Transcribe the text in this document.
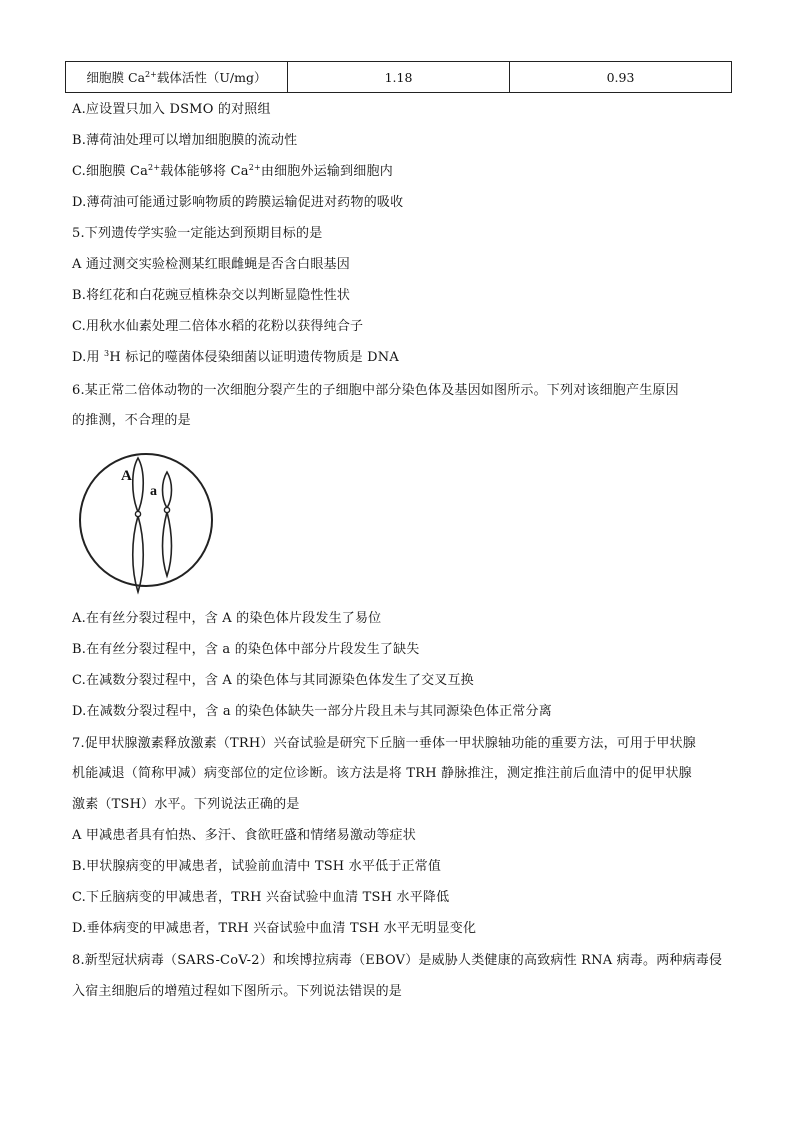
细胞膜 $Ca^{2+}$载体活性（U/mg）	1.18	0.93
A.应设置只加入 DSMO 的对照组
B.薄荷油处理可以增加细胞膜的流动性
C.细胞膜 $Ca^{2+}$载体能够将 $Ca^{2+}$由细胞外运输到细胞内
D.薄荷油可能通过影响物质的跨膜运输促进对药物的吸收
5.下列遗传学实验一定能达到预期目标的是
A 通过测交实验检测某红眼雌蝇是否含白眼基因
B.将红花和白花豌豆植株杂交以判断显隐性性状
C.用秋水仙素处理二倍体水稻的花粉以获得纯合子
D.用 $^3$H 标记的噬菌体侵染细菌以证明遗传物质是 DNA
6.某正常二倍体动物的一次细胞分裂产生的子细胞中部分染色体及基因如图所示。下列对该细胞产生原因
的推测，不合理的是
A
a
A.在有丝分裂过程中，含 A 的染色体片段发生了易位
B.在有丝分裂过程中，含 a 的染色体中部分片段发生了缺失
C.在减数分裂过程中，含 A 的染色体与其同源染色体发生了交叉互换
D.在减数分裂过程中，含 a 的染色体缺失一部分片段且未与其同源染色体正常分离
7.促甲状腺激素释放激素（TRH）兴奋试验是研究下丘脑一垂体一甲状腺轴功能的重要方法，可用于甲状腺
机能减退（简称甲减）病变部位的定位诊断。该方法是将 TRH 静脉推注，测定推注前后血清中的促甲状腺
激素（TSH）水平。下列说法正确的是
A 甲减患者具有怕热、多汗、食欲旺盛和情绪易激动等症状
B.甲状腺病变的甲减患者，试验前血清中 TSH 水平低于正常值
C.下丘脑病变的甲减患者，TRH 兴奋试验中血清 TSH 水平降低
D.垂体病变的甲减患者，TRH 兴奋试验中血清 TSH 水平无明显变化
8.新型冠状病毒（SARS-CoV-2）和埃博拉病毒（EBOV）是威胁人类健康的高致病性 RNA 病毒。两种病毒侵
入宿主细胞后的增殖过程如下图所示。下列说法错误的是
